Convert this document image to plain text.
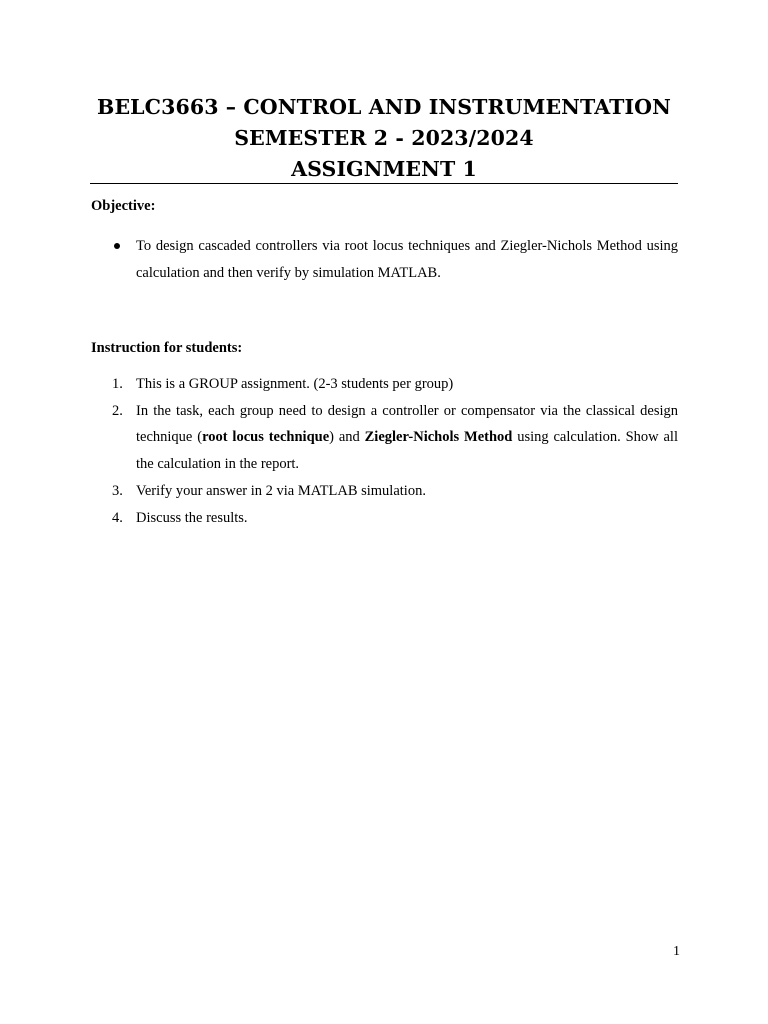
BELC3663 – CONTROL AND INSTRUMENTATION
SEMESTER 2 - 2023/2024
ASSIGNMENT 1
Objective:
To design cascaded controllers via root locus techniques and Ziegler-Nichols Method using calculation and then verify by simulation MATLAB.
Instruction for students:
1. This is a GROUP assignment. (2-3 students per group)
2. In the task, each group need to design a controller or compensator via the classical design technique (root locus technique) and Ziegler-Nichols Method using calculation. Show all the calculation in the report.
3. Verify your answer in 2 via MATLAB simulation.
4. Discuss the results.
1
